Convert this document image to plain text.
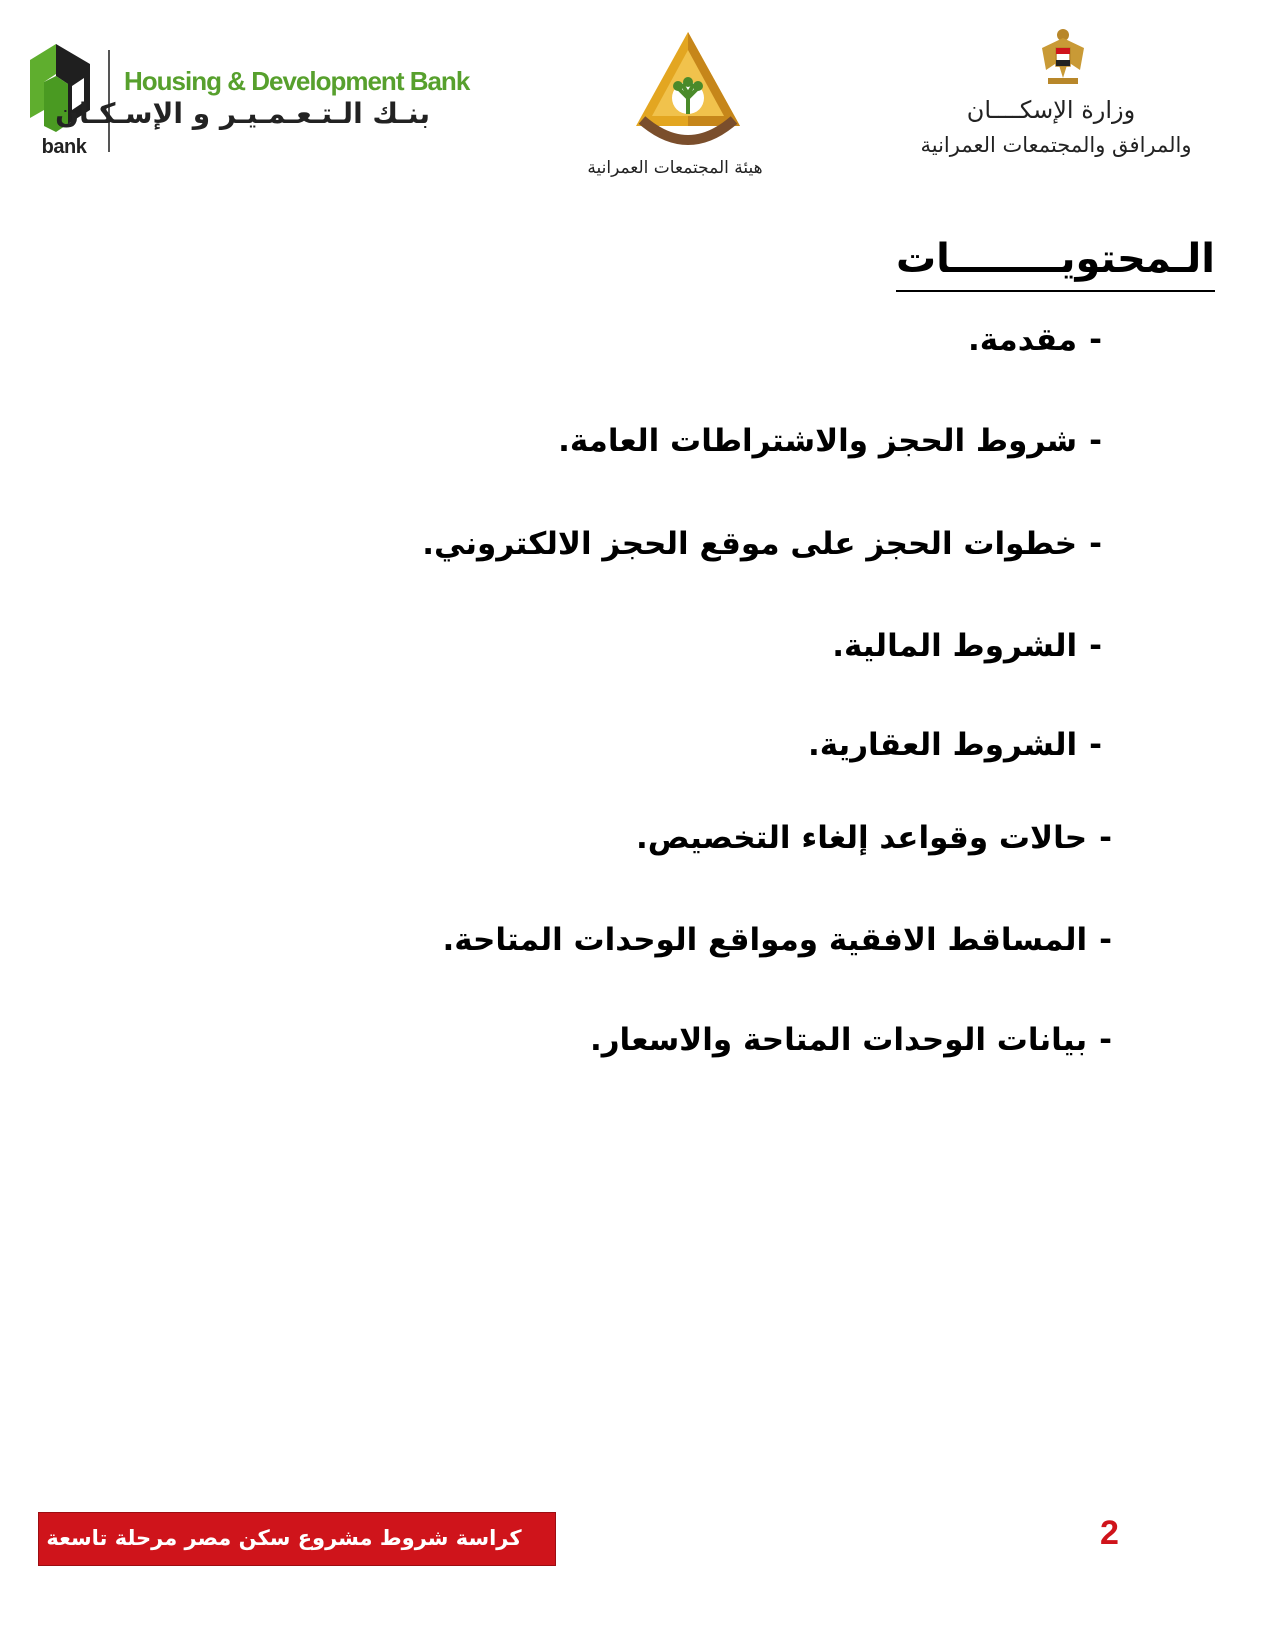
bank
Housing & Development Bank
بنـك الـتـعـمـيـر و الإسـكـان
هيئة المجتمعات العمرانية
وزارة الإسكــــان
والمرافق والمجتمعات العمرانية
الـمحتويــــــــات
-مقدمة.
-شروط الحجز والاشتراطات العامة.
-خطوات الحجز على موقع الحجز الالكتروني.
-الشروط المالية.
-الشروط العقارية.
-حالات وقواعد إلغاء التخصيص.
-المساقط الافقية ومواقع الوحدات المتاحة.
-بيانات الوحدات المتاحة والاسعار.
كراسة شروط مشروع سكن مصر مرحلة تاسعة	2
